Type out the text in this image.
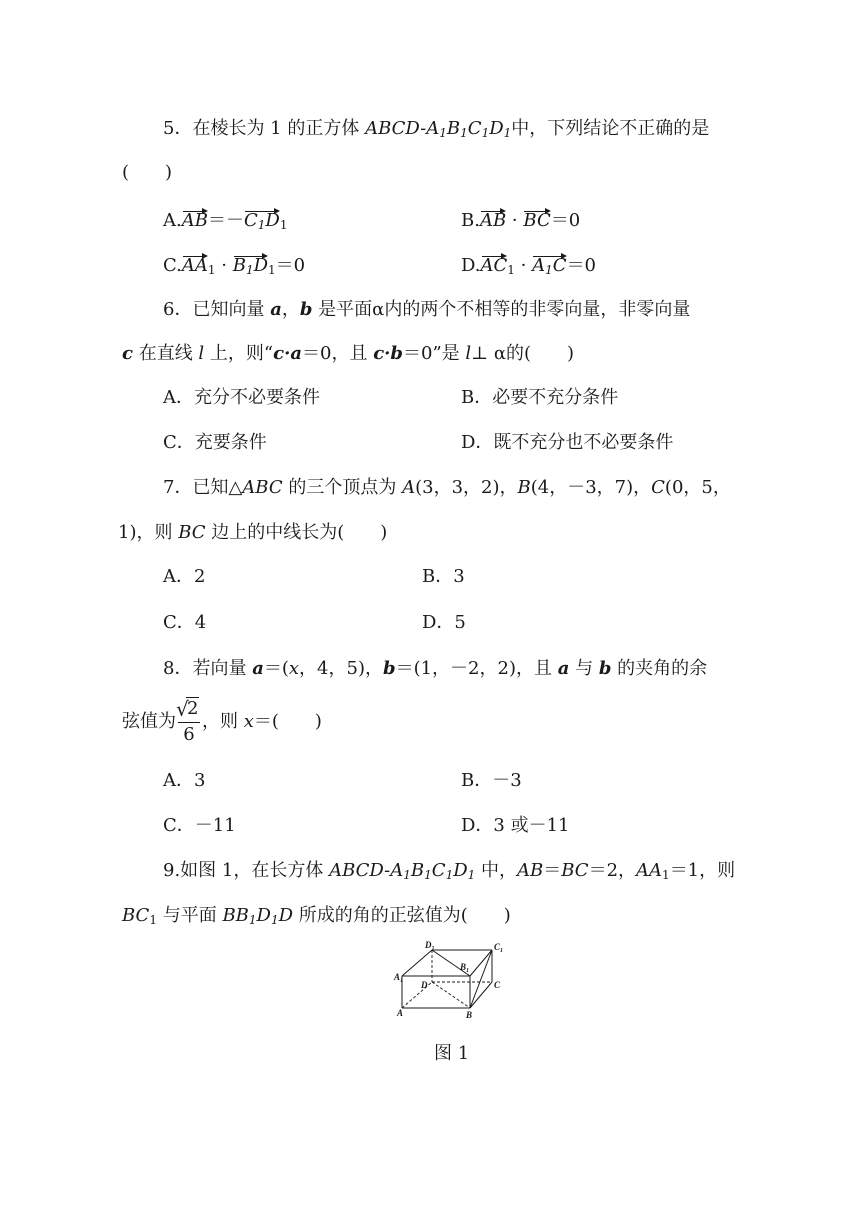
5．在棱长为 1 的正方体 ABCD-$A_1B_1C_1D_1$中，下列结论不正确的是
(　　)
$A.AB=-C_1D_1$	B.AB · BC＝0
$C.AA_1 \cdot B_1D_1=0$	$D.AC_1 \cdot A_1C=0$
6．已知向量 a，b 是平面α内的两个不相等的非零向量，非零向量
c 在直线 l 上，则“c·a＝0，且 c·b＝0”是 l⊥ α的(　　)
A．充分不必要条件	B．必要不充分条件
C．充要条件	D．既不充分也不必要条件
7．已知△ABC 的三个顶点为 A(3，3，2)，B(4，－3，7)，C(0，5，
1)，则 BC 边上的中线长为(　　)
A．2	B．3
C．4	D．5
8．若向量 a＝(x，4，5)，b＝(1，－2，2)，且 a 与 b 的夹角的余
弦值为 √
2
6 ，则 x＝(　　)
A．3	B．－3
C．－11	D．3 或－11
9.如图 1，在长方体 ABCD-$A_1B_1C_1D_1$ 中，AB＝BC＝2，$AA_1=1$，则
$BC_1$ 与平面 $BB_1D_1D$ 所成的角的正弦值为(　　)
$D_1$	$C_1$
$B_1$
$A_1$ D	C
A	B
图 1
